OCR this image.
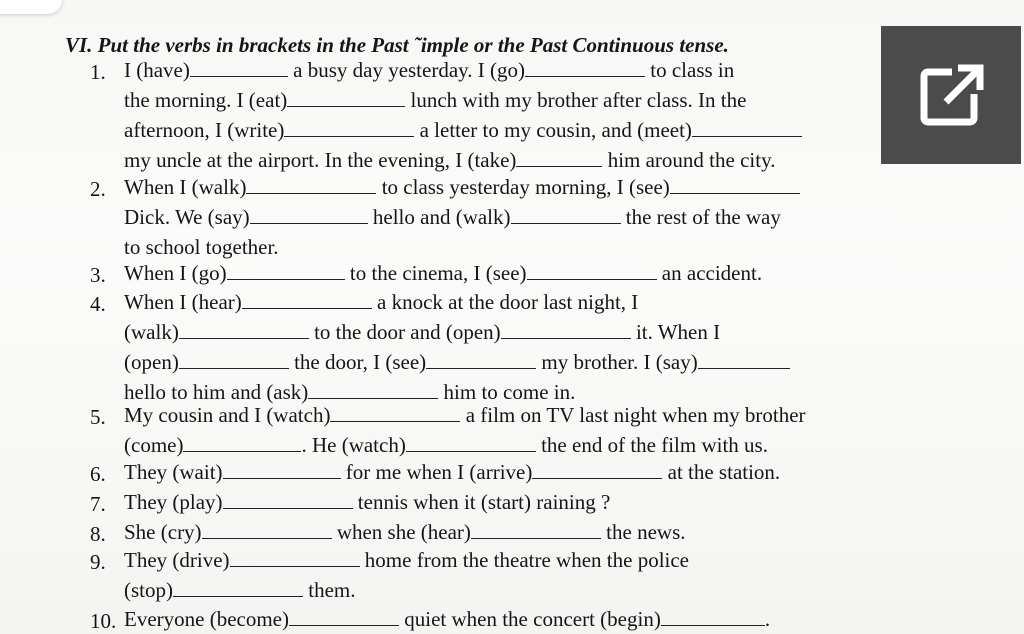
VI. Put the verbs in brackets in the Past ˜imple or the Past Continuous tense.
1. I (have)	a busy day yesterday. I (go)	to class in
the morning. I (eat)	lunch with my brother after class. In the
afternoon, I (write)	a letter to my cousin, and (meet)
my uncle at the airport. In the evening, I (take)	him around the city.
2. When I (walk)	to class yesterday morning, I (see)
Dick. We (say)	hello and (walk)	the rest of the way
to school together.
3. When I (go)	to the cinema, I (see)	an accident.
4. When I (hear)	a knock at the door last night, I
(walk)	to the door and (open)	it. When I
(open)	the door, I (see)	my brother. I (say)
hello to him and (ask)	him to come in.
5. My cousin and I (watch)	a film on TV last night when my brother
(come)	. He (watch)	the end of the film with us.
6. They (wait)	for me when I (arrive)	at the station.
7. They (play)	tennis when it (start) raining ?
8. She (cry)	when she (hear)	the news.
9. They (drive)	home from the theatre when the police
(stop)	them.
10. Everyone (become)	quiet when the concert (begin)	.
